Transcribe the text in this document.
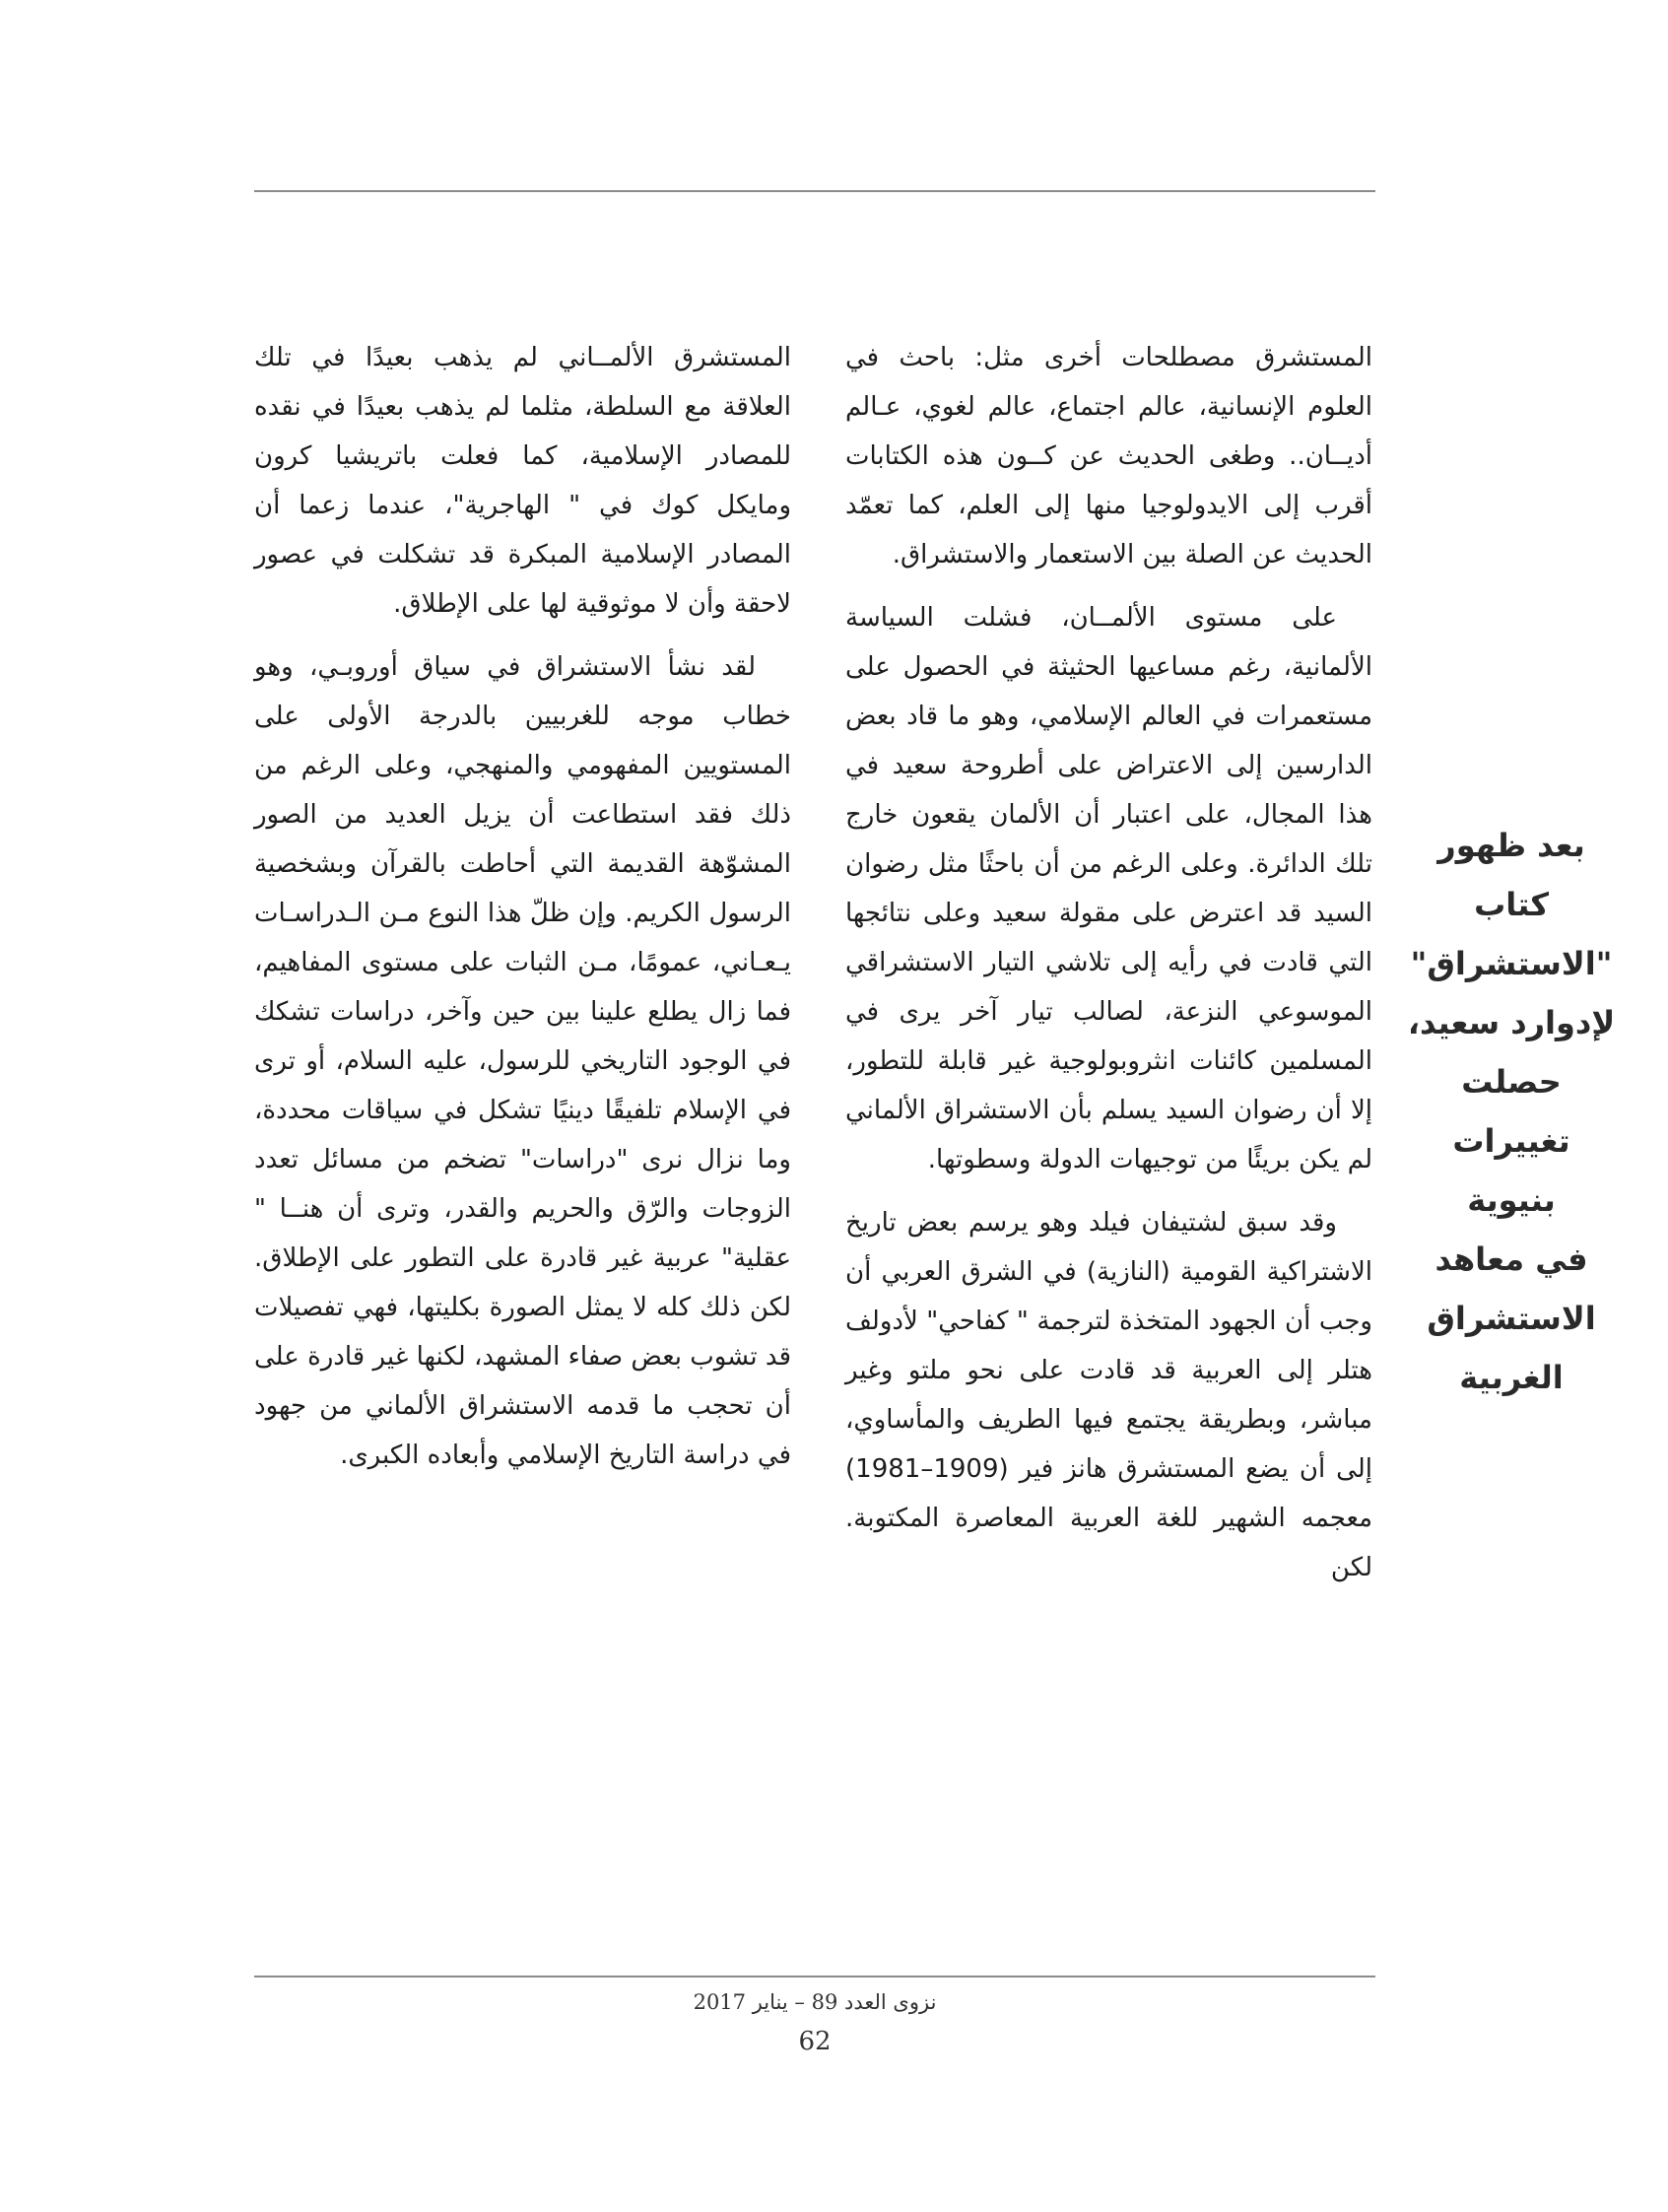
المستشرق مصطلحات أخرى مثل: باحث في العلوم الإنسانية، عالم اجتماع، عالم لغوي، عـالم أديــان.. وطغى الحديث عن كــون هذه الكتابات أقرب إلى الايدولوجيا منها إلى العلم، كما تعمّد الحديث عن الصلة بين الاستعمار والاستشراق.

على مستوى الألمــان، فشلت السياسة الألمانية، رغم مساعيها الحثيثة في الحصول على مستعمرات في العالم الإسلامي، وهو ما قاد بعض الدارسين إلى الاعتراض على أطروحة سعيد في هذا المجال، على اعتبار أن الألمان يقعون خارج تلك الدائرة. وعلى الرغم من أن باحثًا مثل رضوان السيد قد اعترض على مقولة سعيد وعلى نتائجها التي قادت في رأيه إلى تلاشي التيار الاستشراقي الموسوعي النزعة، لصالب تيار آخر يرى في المسلمين كائنات انثروبولوجية غير قابلة للتطور، إلا أن رضوان السيد يسلم بأن الاستشراق الألماني لم يكن بريئًا من توجيهات الدولة وسطوتها.

وقد سبق لشتيفان فيلد وهو يرسم بعض تاريخ الاشتراكية القومية (النازية) في الشرق العربي أن وجب أن الجهود المتخذة لترجمة " كفاحي" لأدولف هتلر إلى العربية قد قادت على نحو ملتو وغير مباشر، وبطريقة يجتمع فيها الطريف والمأساوي، إلى أن يضع المستشرق هانز فير (1909–1981) معجمه الشهير للغة العربية المعاصرة المكتوبة. لكن

بعد ظهور
كتاب
"الاستشراق"
لإدوارد سعيد،
حصلت
تغييرات
بنيوية
في معاهد
الاستشراق
الغربية

المستشرق الألمــاني لم يذهب بعيدًا في تلك العلاقة مع السلطة، مثلما لم يذهب بعيدًا في نقده للمصادر الإسلامية، كما فعلت باتريشيا كرون ومايكل كوك في " الهاجرية"، عندما زعما أن المصادر الإسلامية المبكرة قد تشكلت في عصور لاحقة وأن لا موثوقية لها على الإطلاق.

لقد نشأ الاستشراق في سياق أوروبـي، وهو خطاب موجه للغربيين بالدرجة الأولى على المستويين المفهومي والمنهجي، وعلى الرغم من ذلك فقد استطاعت أن يزيل العديد من الصور المشوّهة القديمة التي أحاطت بالقرآن وبشخصية الرسول الكريم. وإن ظلّ هذا النوع مـن الـدراسـات يـعـاني، عمومًا، مـن الثبات على مستوى المفاهيم، فما زال يطلع علينا بين حين وآخر، دراسات تشكك في الوجود التاريخي للرسول، عليه السلام، أو ترى في الإسلام تلفيقًا دينيًا تشكل في سياقات محددة، وما نزال نرى "دراسات" تضخم من مسائل تعدد الزوجات والرّق والحريم والقدر، وترى أن هنــا " عقلية" عربية غير قادرة على التطور على الإطلاق. لكن ذلك كله لا يمثل الصورة بكليتها، فهي تفصيلات قد تشوب بعض صفاء المشهد، لكنها غير قادرة على أن تحجب ما قدمه الاستشراق الألماني من جهود في دراسة التاريخ الإسلامي وأبعاده الكبرى.

نزوى العدد 89 – يناير 2017
62
